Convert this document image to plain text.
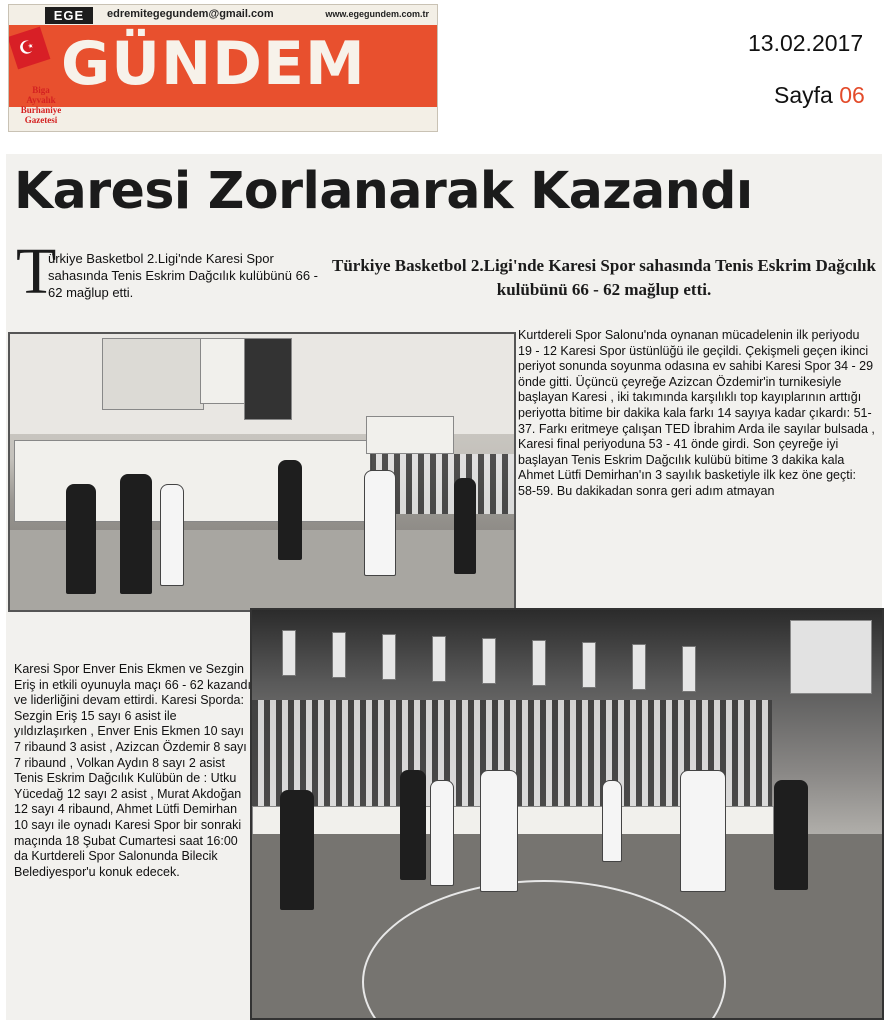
EGE	edremitegegundem@gmail.com	www.egegundem.com.tr
☪ GÜNDEM
Biga
Ayvalık
Burhaniye
Gazetesi
13.02.2017
Sayfa 06
Karesi Zorlanarak Kazandı
T
ürkiye Basketbol 2.Ligi'nde Karesi Spor sahasında Tenis Eskrim Dağcılık kulübünü 66 - 62 mağlup etti.
Türkiye Basketbol 2.Ligi'nde Karesi Spor sahasında Tenis Eskrim Dağcılık kulübünü 66 - 62 mağlup etti.
Kurtdereli Spor Salonu'nda oynanan mücadelenin ilk periyodu 19 - 12 Karesi Spor üstünlüğü ile geçildi. Çekişmeli geçen ikinci periyot sonunda soyunma odasına ev sahibi Karesi Spor 34 - 29 önde gitti. Üçüncü çeyreğe Azizcan Özdemir'in turnikesiyle başlayan Karesi , iki takımında karşılıklı top kayıplarının arttığı periyotta bitime bir dakika kala farkı 14 sayıya kadar çıkardı: 51-37. Farkı eritmeye çalışan TED İbrahim Arda ile sayılar bulsada , Karesi final periyoduna 53 - 41 önde girdi. Son çeyreğe iyi başlayan Tenis Eskrim Dağcılık kulübü bitime 3 dakika kala Ahmet Lütfi Demirhan'ın 3 sayılık basketiyle ilk kez öne geçti: 58-59. Bu dakikadan sonra geri adım atmayan
Karesi Spor Enver Enis Ekmen ve Sezgin Eriş in etkili oyunuyla maçı 66 - 62 kazandı ve liderliğini devam ettirdi. Karesi Sporda: Sezgin Eriş 15 sayı 6 asist ile yıldızlaşırken , Enver Enis Ekmen 10 sayı 7 ribaund 3 asist , Azizcan Özdemir 8 sayı 7 ribaund , Volkan Aydın 8 sayı 2 asist Tenis Eskrim Dağcılık Kulübün de : Utku Yücedağ 12 sayı 2 asist , Murat Akdoğan 12 sayı 4 ribaund, Ahmet Lütfi Demirhan 10 sayı ile oynadı Karesi Spor bir sonraki maçında 18 Şubat Cumartesi saat 16:00 da Kurtdereli Spor Salonunda Bilecik Belediyespor'u konuk edecek.
